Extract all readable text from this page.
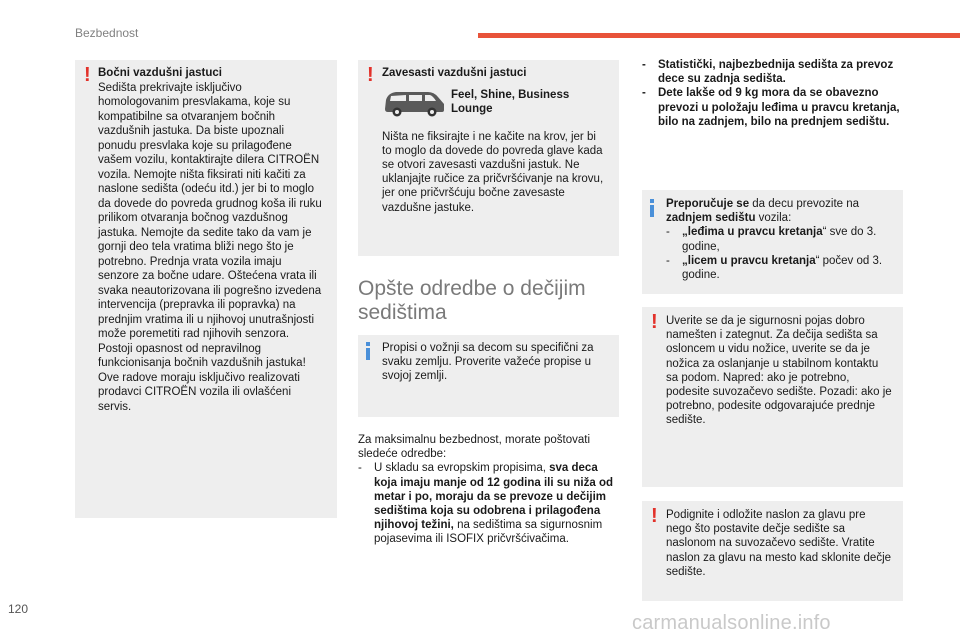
Bezbednost
! Bočni vazdušni jastuci
Sedišta prekrivajte isključivo homologovanim presvlakama, koje su kompatibilne sa otvaranjem bočnih vazdušnih jastuka. Da biste upoznali ponudu presvlaka koje su prilagođene vašem vozilu, kontaktirajte dilera CITROËN vozila. Nemojte ništa fiksirati niti kačiti za naslone sedišta (odeću itd.) jer bi to moglo da dovede do povreda grudnog koša ili ruku prilikom otvaranja bočnog vazdušnog jastuka. Nemojte da sedite tako da vam je gornji deo tela vratima bliži nego što je potrebno. Prednja vrata vozila imaju senzore za bočne udare. Oštećena vrata ili svaka neautorizovana ili pogrešno izvedena intervencija (prepravka ili popravka) na prednjim vratima ili u njihovoj unutrašnjosti može poremetiti rad njihovih senzora. Postoji opasnost od nepravilnog funkcionisanja bočnih vazdušnih jastuka! Ove radove moraju isključivo realizovati prodavci CITROËN vozila ili ovlašćeni servis.
! Zavesasti vazdušni jastuci
Feel, Shine, Business Lounge
Ništa ne fiksirajte i ne kačite na krov, jer bi to moglo da dovede do povreda glave kada se otvori zavesasti vazdušni jastuk. Ne uklanjajte ručice za pričvršćivanje na krovu, jer one pričvršćuju bočne zavesaste vazdušne jastuke.
Opšte odredbe o dečijim sedištima
Propisi o vožnji sa decom su specifični za svaku zemlju. Proverite važeće propise u svojoj zemlji.
Za maksimalnu bezbednost, morate poštovati sledeće odredbe:
- U skladu sa evropskim propisima, sva deca koja imaju manje od 12 godina ili su niža od metar i po, moraju da se prevoze u dečijim sedištima koja su odobrena i prilagođena njihovoj težini, na sedištima sa sigurnosnim pojasevima ili ISOFIX pričvršćivačima.
- Statistički, najbezbednija sedišta za prevoz dece su zadnja sedišta.
- Dete lakše od 9 kg mora da se obavezno prevozi u položaju leđima u pravcu kretanja, bilo na zadnjem, bilo na prednjem sedištu.
Preporučuje se da decu prevozite na zadnjem sedištu vozila:
- „leđima u pravcu kretanja“ sve do 3. godine,
- „licem u pravcu kretanja“ počev od 3. godine.
! Uverite se da je sigurnosni pojas dobro namešten i zategnut. Za dečija sedišta sa osloncem u vidu nožice, uverite se da je nožica za oslanjanje u stabilnom kontaktu sa podom. Napred: ako je potrebno, podesite suvozačevo sedište. Pozadi: ako je potrebno, podesite odgovarajuće prednje sedište.
! Podignite i odložite naslon za glavu pre nego što postavite dečje sedište sa naslonom na suvozačevo sedište. Vratite naslon za glavu na mesto kad sklonite dečje sedište.
120
carmanualsonline.info
